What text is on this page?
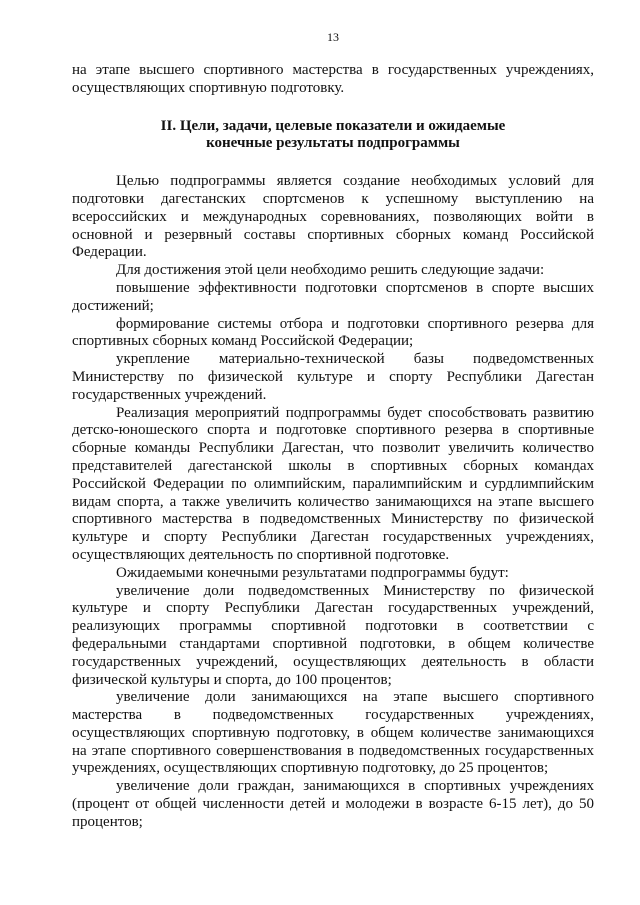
13

на этапе высшего спортивного мастерства в государственных учреждениях, осуществляющих спортивную подготовку.

II. Цели, задачи, целевые показатели и ожидаемые
конечные результаты подпрограммы

Целью подпрограммы является создание необходимых условий для подготовки дагестанских спортсменов к успешному выступлению на всероссийских и международных соревнованиях, позволяющих войти в основной и резервный составы спортивных сборных команд Российской Федерации.

Для достижения этой цели необходимо решить следующие задачи:

повышение эффективности подготовки спортсменов в спорте высших достижений;

формирование системы отбора и подготовки спортивного резерва для спортивных сборных команд Российской Федерации;

укрепление материально-технической базы подведомственных Министерству по физической культуре и спорту Республики Дагестан государственных учреждений.

Реализация мероприятий подпрограммы будет способствовать развитию детско-юношеского спорта и подготовке спортивного резерва в спортивные сборные команды Республики Дагестан, что позволит увеличить количество представителей дагестанской школы в спортивных сборных командах Российской Федерации по олимпийским, паралимпийским и сурдлимпийским видам спорта, а также увеличить количество занимающихся на этапе высшего спортивного мастерства в подведомственных Министерству по физической культуре и спорту Республики Дагестан государственных учреждениях, осуществляющих деятельность по спортивной подготовке.

Ожидаемыми конечными результатами подпрограммы будут:

увеличение доли подведомственных Министерству по физической культуре и спорту Республики Дагестан государственных учреждений, реализующих программы спортивной подготовки в соответствии с федеральными стандартами спортивной подготовки, в общем количестве государственных учреждений, осуществляющих деятельность в области физической культуры и спорта, до 100 процентов;

увеличение доли занимающихся на этапе высшего спортивного мастерства в подведомственных государственных учреждениях, осуществляющих спортивную подготовку, в общем количестве занимающихся на этапе спортивного совершенствования в подведомственных государственных учреждениях, осуществляющих спортивную подготовку, до 25 процентов;

увеличение доли граждан, занимающихся в спортивных учреждениях (процент от общей численности детей и молодежи в возрасте 6-15 лет), до 50 процентов;
